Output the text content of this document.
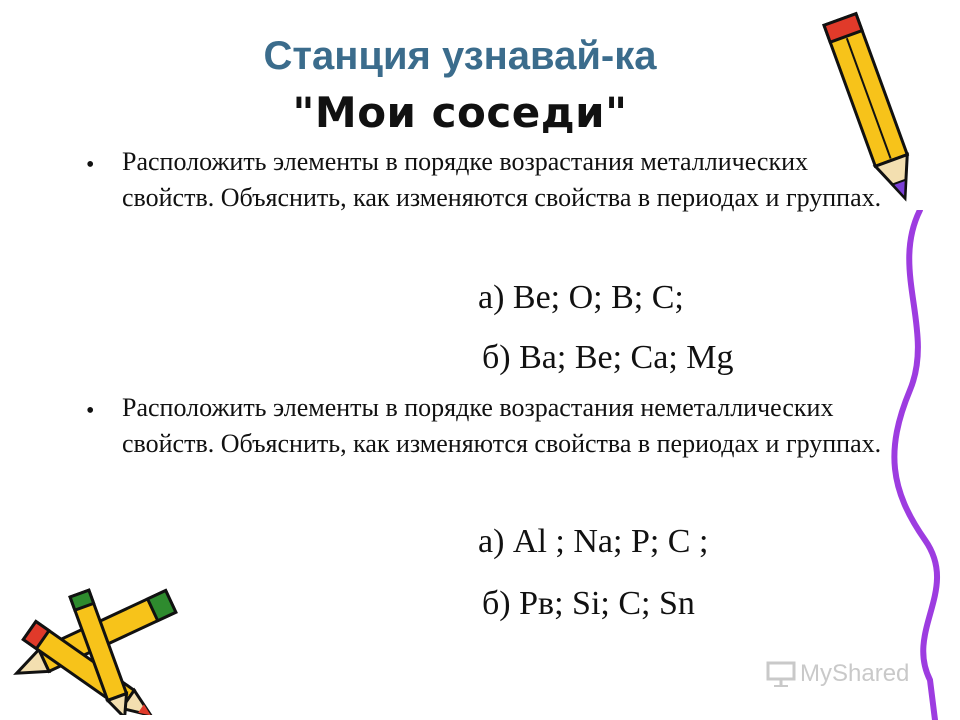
Станция узнавай-ка
"Мои соседи"
• Расположить элементы в порядке возрастания металлических свойств. Объяснить, как изменяются свойства в периодах и группах.
а) Be; O; B; C;
б) Ba; Be; Ca; Mg
• Расположить элементы в порядке возрастания неметаллических свойств. Объяснить, как изменяются свойства в периодах и группах.
а) Al ; Na; P; C ;
б) Pв; Si; C; Sn
MyShared
